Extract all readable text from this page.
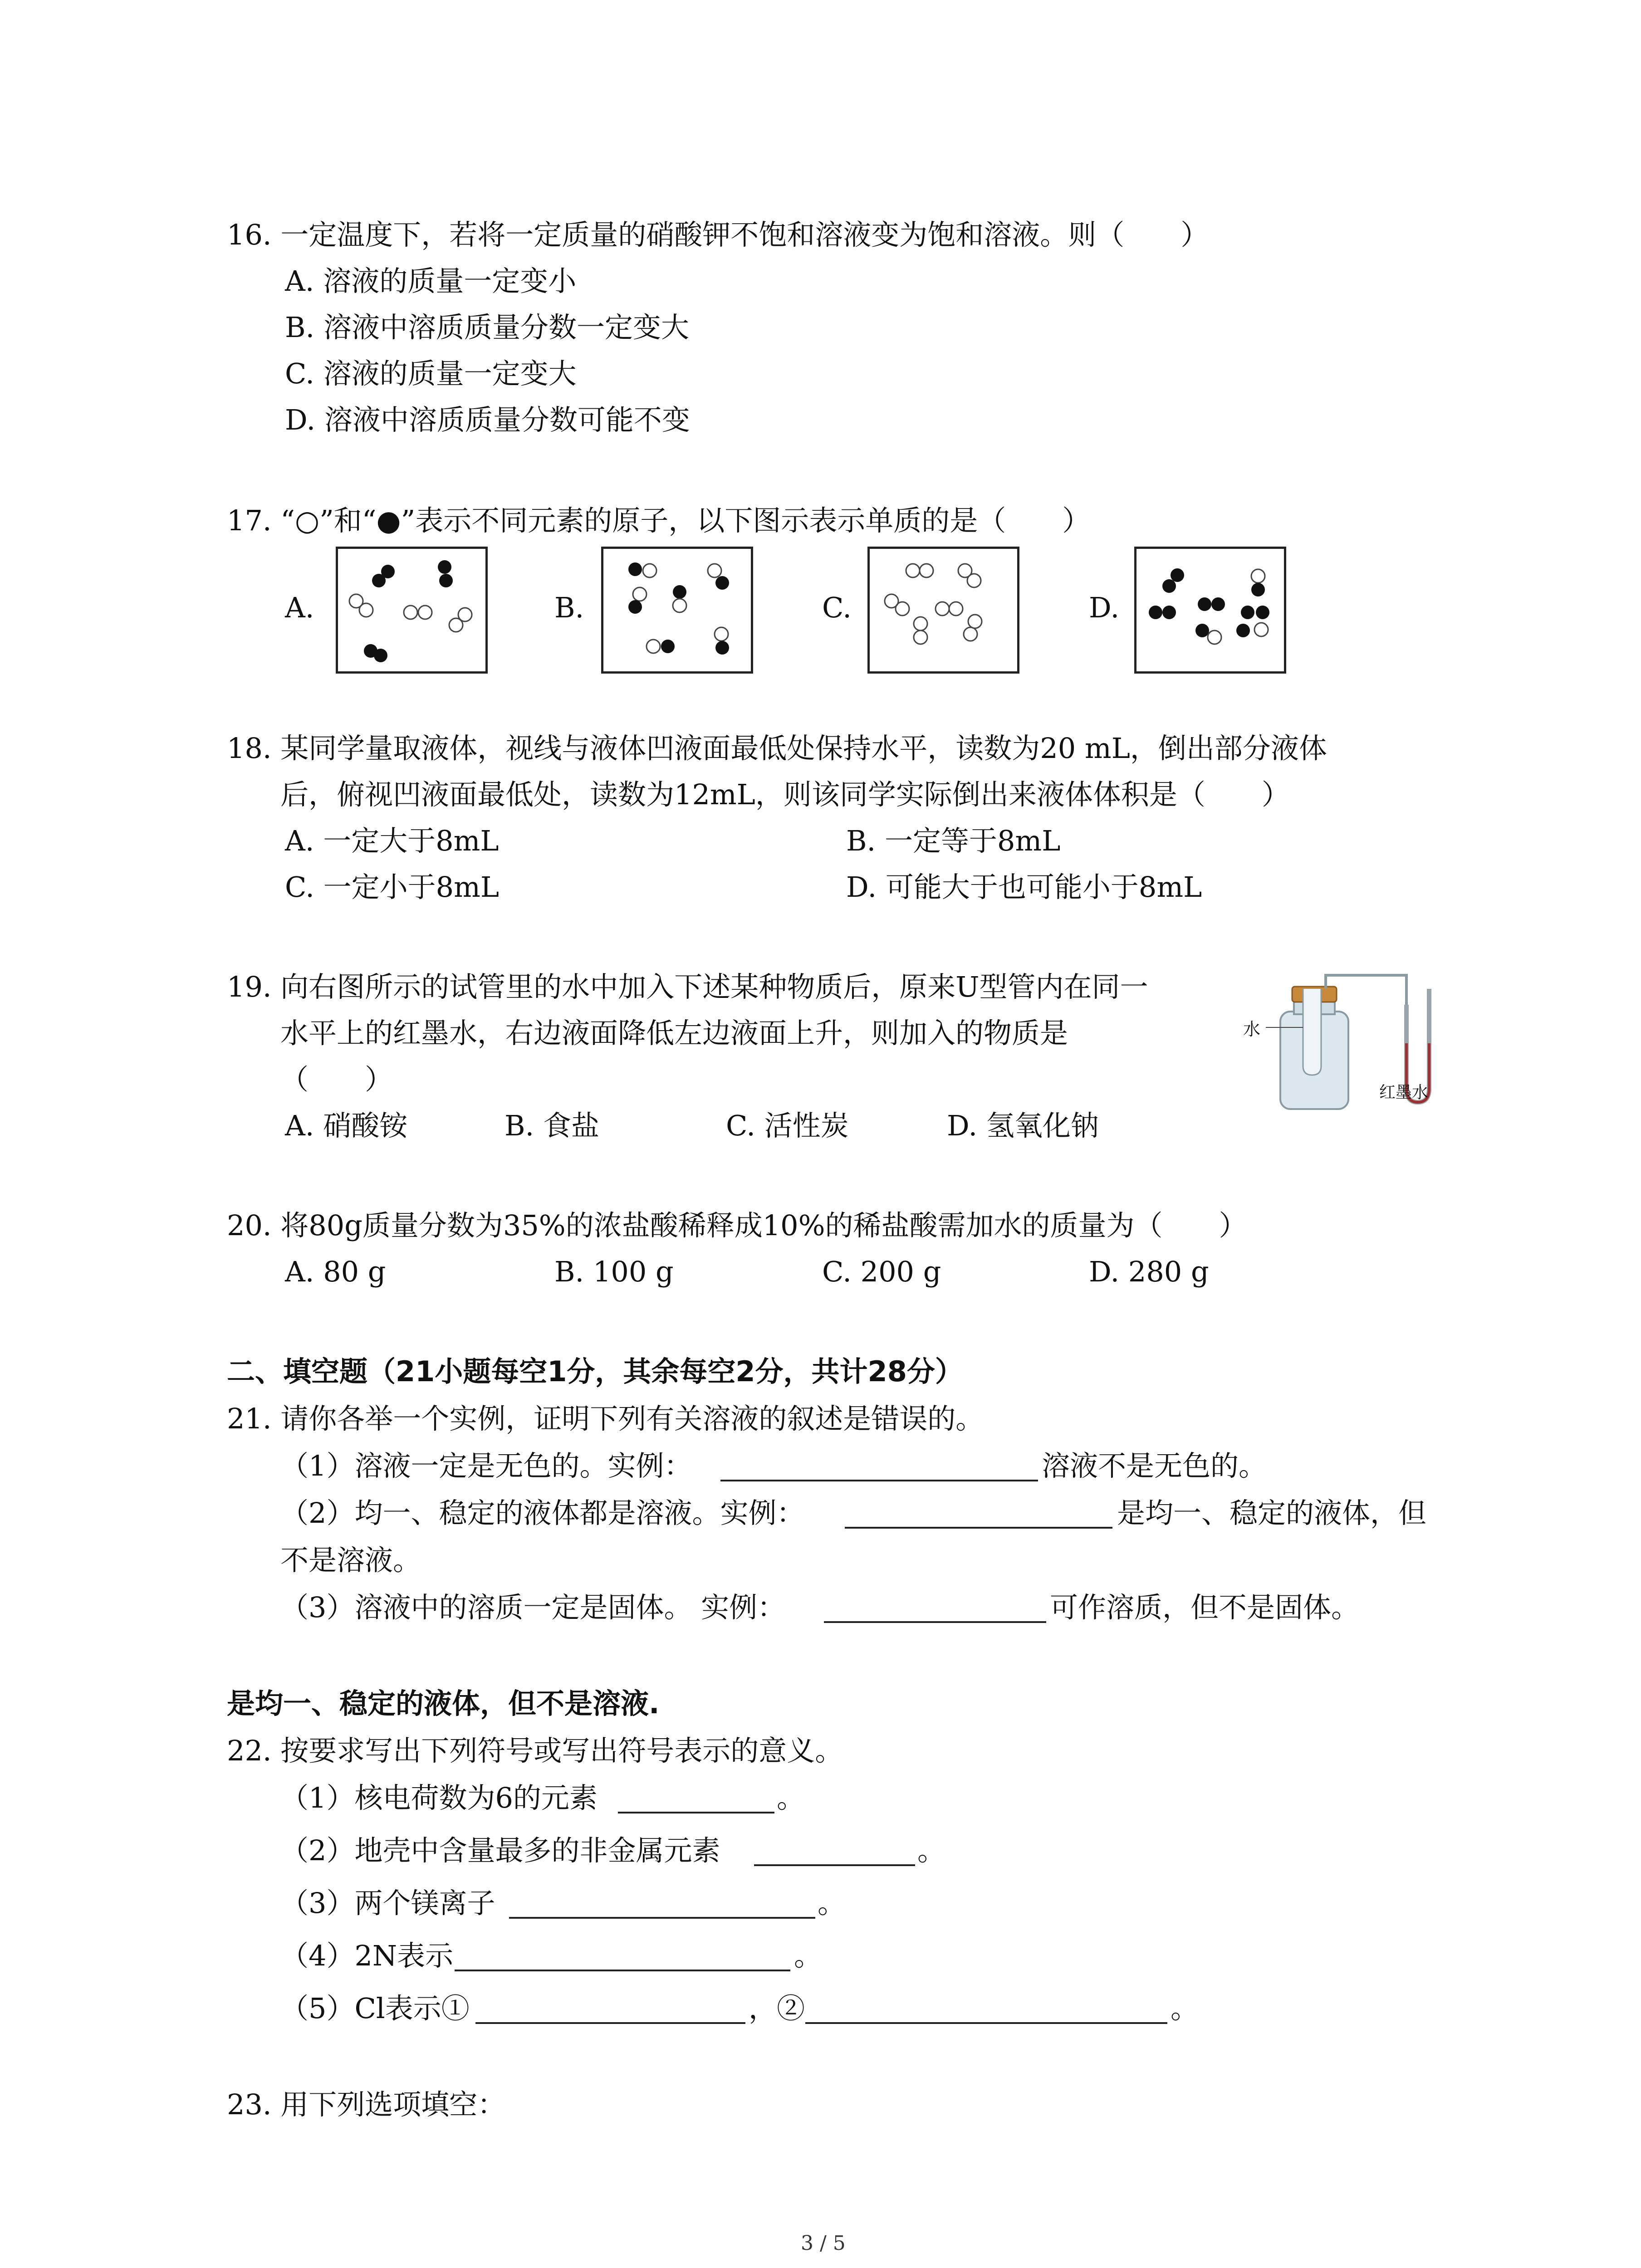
16. 一定温度下，若将一定质量的硝酸钾不饱和溶液变为饱和溶液。则（　　）
A. 溶液的质量一定变小
B. 溶液中溶质质量分数一定变大
C. 溶液的质量一定变大
D. 溶液中溶质质量分数可能不变
17. “○”和“●”表示不同元素的原子，以下图示表示单质的是（　　）
A.	B.	C.	D.
18. 某同学量取液体，视线与液体凹液面最低处保持水平，读数为20 mL，倒出部分液体
后，俯视凹液面最低处，读数为12mL，则该同学实际倒出来液体体积是（　　）
A. 一定大于8mL	B. 一定等于8mL
C. 一定小于8mL	D. 可能大于也可能小于8mL
19. 向右图所示的试管里的水中加入下述某种物质后，原来U型管内在同一
水平上的红墨水，右边液面降低左边液面上升，则加入的物质是
（　　）
A. 硝酸铵	B. 食盐	C. 活性炭	D. 氢氧化钠
水
红墨水
20. 将80g质量分数为35%的浓盐酸稀释成10%的稀盐酸需加水的质量为（　　）
A. 80 g	B. 100 g	C. 200 g	D. 280 g
二、填空题（21小题每空1分，其余每空2分，共计28分）
21. 请你各举一个实例，证明下列有关溶液的叙述是错误的。
（1）溶液一定是无色的。实例：	溶液不是无色的。
（2）均一、稳定的液体都是溶液。实例：	是均一、稳定的液体，但
不是溶液。
（3）溶液中的溶质一定是固体。 实例：	可作溶质，但不是固体。
是均一、稳定的液体，但不是溶液.
22. 按要求写出下列符号或写出符号表示的意义。
（1）核电荷数为6的元素	。
（2）地壳中含量最多的非金属元素	。
（3）两个镁离子	。
（4）2N表示	。
（5）Cl表示①	，②	。
23. 用下列选项填空：
3 / 5
